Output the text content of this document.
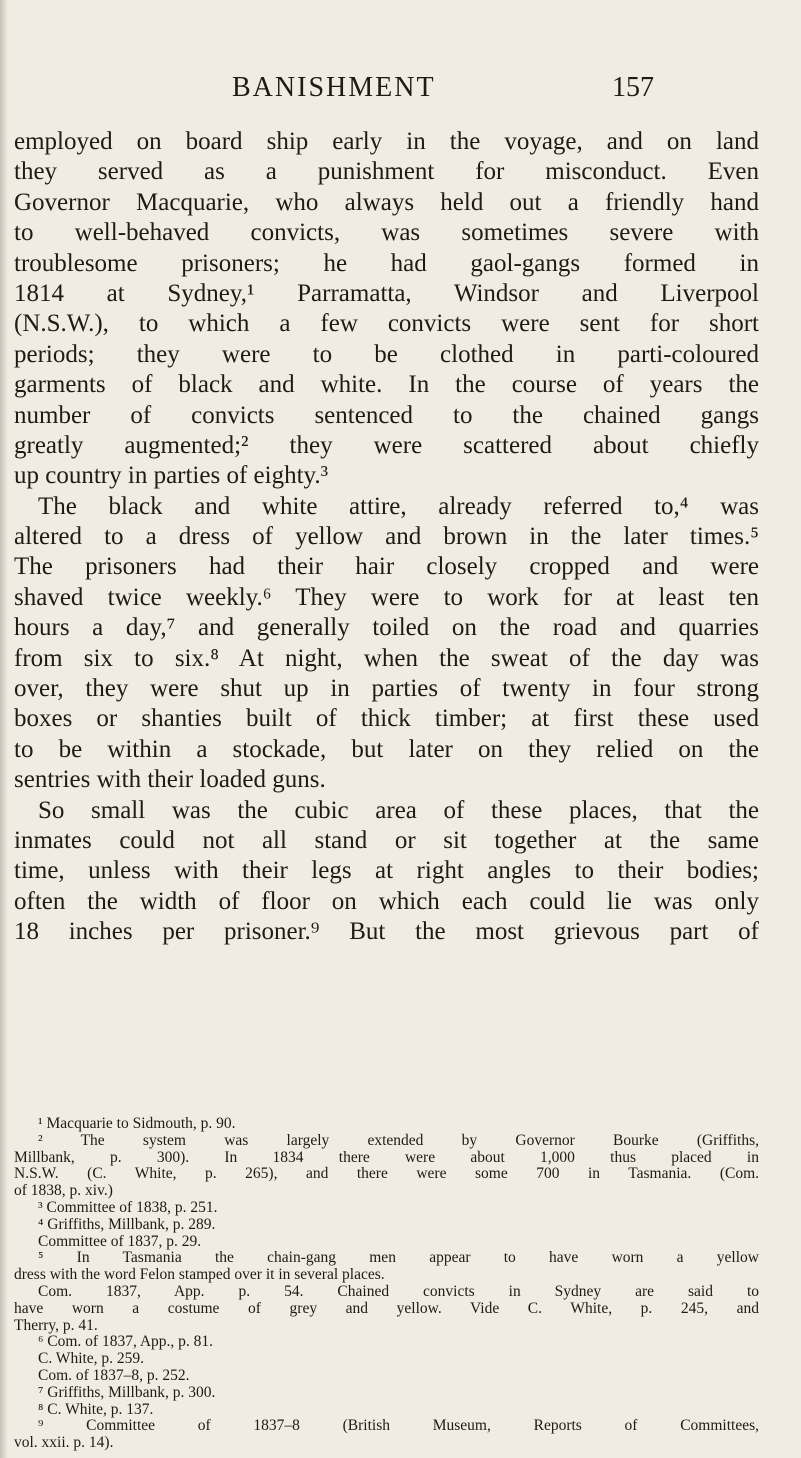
BANISHMENT	157
employed on board ship early in the voyage, and on land
they served as a punishment for misconduct. Even
Governor Macquarie, who always held out a friendly hand
to well-behaved convicts, was sometimes severe with
troublesome prisoners; he had gaol-gangs formed in
1814 at Sydney,¹ Parramatta, Windsor and Liverpool
(N.S.W.), to which a few convicts were sent for short
periods; they were to be clothed in parti-coloured
garments of black and white. In the course of years the
number of convicts sentenced to the chained gangs
greatly augmented;² they were scattered about chiefly
up country in parties of eighty.³
The black and white attire, already referred to,⁴ was
altered to a dress of yellow and brown in the later times.⁵
The prisoners had their hair closely cropped and were
shaved twice weekly.⁶ They were to work for at least ten
hours a day,⁷ and generally toiled on the road and quarries
from six to six.⁸ At night, when the sweat of the day was
over, they were shut up in parties of twenty in four strong
boxes or shanties built of thick timber; at first these used
to be within a stockade, but later on they relied on the
sentries with their loaded guns.
So small was the cubic area of these places, that the
inmates could not all stand or sit together at the same
time, unless with their legs at right angles to their bodies;
often the width of floor on which each could lie was only
18 inches per prisoner.⁹ But the most grievous part of
¹ Macquarie to Sidmouth, p. 90.
² The system was largely extended by Governor Bourke (Griffiths,
Millbank, p. 300). In 1834 there were about 1,000 thus placed in
N.S.W. (C. White, p. 265), and there were some 700 in Tasmania. (Com.
of 1838, p. xiv.)
³ Committee of 1838, p. 251.
⁴ Griffiths, Millbank, p. 289.
Committee of 1837, p. 29.
⁵ In Tasmania the chain-gang men appear to have worn a yellow
dress with the word Felon stamped over it in several places.
Com. 1837, App. p. 54. Chained convicts in Sydney are said to
have worn a costume of grey and yellow. Vide C. White, p. 245, and
Therry, p. 41.
⁶ Com. of 1837, App., p. 81.
C. White, p. 259.
Com. of 1837–8, p. 252.
⁷ Griffiths, Millbank, p. 300.
⁸ C. White, p. 137.
⁹ Committee of 1837–8 (British Museum, Reports of Committees,
vol. xxii. p. 14).
